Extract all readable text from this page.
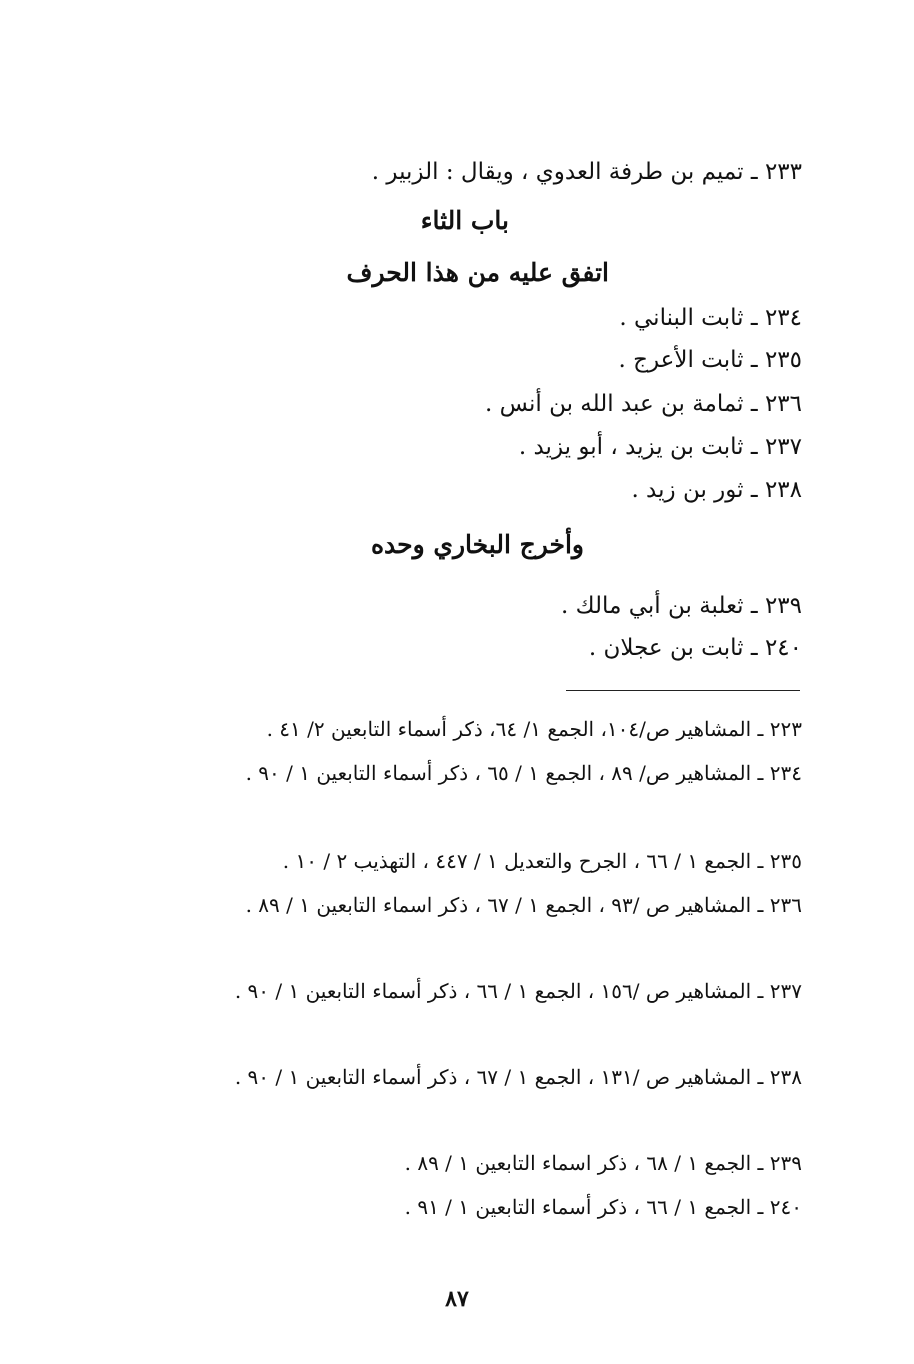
٢٣٣ ـ تميم بن طرفة العدوي ، ويقال : الزبير .
باب الثاء
اتفق عليه من هذا الحرف
٢٣٤ ـ ثابت البناني .
٢٣٥ ـ ثابت الأعرج .
٢٣٦ ـ ثمامة بن عبد الله بن أنس .
٢٣٧ ـ ثابت بن يزيد ، أبو يزيد .
٢٣٨ ـ ثور بن زيد .
وأخرج البخاري وحده
٢٣٩ ـ ثعلبة بن أبي مالك .
٢٤٠ ـ ثابت بن عجلان .
٢٢٣ ـ المشاهير ص/١٠٤، الجمع ١/ ٦٤، ذكر أسماء التابعين ٢/ ٤١ .
٢٣٤ ـ المشاهير ص/ ٨٩ ، الجمع ١ / ٦٥ ، ذكر أسماء التابعين ١ / ٩٠ .
٢٣٥ ـ الجمع ١ / ٦٦ ، الجرح والتعديل ١ / ٤٤٧ ، التهذيب ٢ / ١٠ .
٢٣٦ ـ المشاهير ص /٩٣ ، الجمع ١ / ٦٧ ، ذكر اسماء التابعين ١ / ٨٩ .
٢٣٧ ـ المشاهير ص /١٥٦ ، الجمع ١ / ٦٦ ، ذكر أسماء التابعين ١ / ٩٠ .
٢٣٨ ـ المشاهير ص /١٣١ ، الجمع ١ / ٦٧ ، ذكر أسماء التابعين ١ / ٩٠ .
٢٣٩ ـ الجمع ١ / ٦٨ ، ذكر اسماء التابعين ١ / ٨٩ .
٢٤٠ ـ الجمع ١ / ٦٦ ، ذكر أسماء التابعين ١ / ٩١ .
٨٧
